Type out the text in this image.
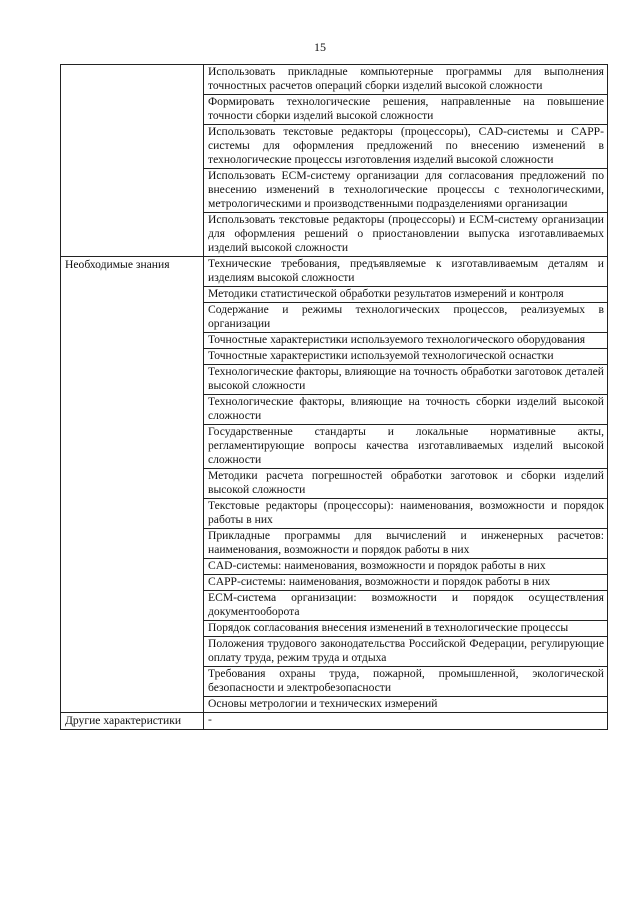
15
	Использовать прикладные компьютерные программы для выполнения точностных расчетов операций сборки изделий высокой сложности
	Формировать технологические решения, направленные на повышение точности сборки изделий высокой сложности
	Использовать текстовые редакторы (процессоры), CAD-системы и CAPP-системы для оформления предложений по внесению изменений в технологические процессы изготовления изделий высокой сложности
	Использовать ECM-систему организации для согласования предложений по внесению изменений в технологические процессы с технологическими, метрологическими и производственными подразделениями организации
	Использовать текстовые редакторы (процессоры) и ECM-систему организации для оформления решений о приостановлении выпуска изготавливаемых изделий высокой сложности
Необходимые знания	Технические требования, предъявляемые к изготавливаемым деталям и изделиям высокой сложности
	Методики статистической обработки результатов измерений и контроля
	Содержание и режимы технологических процессов, реализуемых в организации
	Точностные характеристики используемого технологического оборудования
	Точностные характеристики используемой технологической оснастки
	Технологические факторы, влияющие на точность обработки заготовок деталей высокой сложности
	Технологические факторы, влияющие на точность сборки изделий высокой сложности
	Государственные стандарты и локальные нормативные акты, регламентирующие вопросы качества изготавливаемых изделий высокой сложности
	Методики расчета погрешностей обработки заготовок и сборки изделий высокой сложности
	Текстовые редакторы (процессоры): наименования, возможности и порядок работы в них
	Прикладные программы для вычислений и инженерных расчетов: наименования, возможности и порядок работы в них
	CAD-системы: наименования, возможности и порядок работы в них
	CAPP-системы: наименования, возможности и порядок работы в них
	ECM-система организации: возможности и порядок осуществления документооборота
	Порядок согласования внесения изменений в технологические процессы
	Положения трудового законодательства Российской Федерации, регулирующие оплату труда, режим труда и отдыха
	Требования охраны труда, пожарной, промышленной, экологической безопасности и электробезопасности
	Основы метрологии и технических измерений
Другие характеристики	-
